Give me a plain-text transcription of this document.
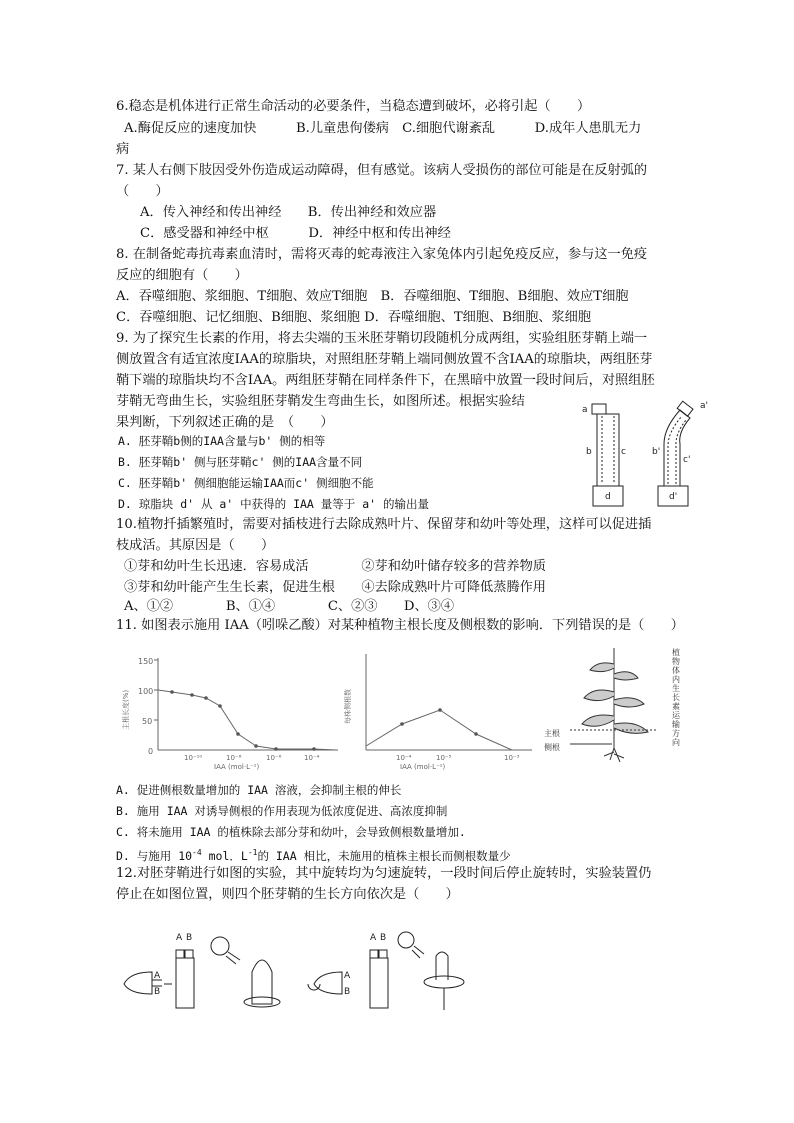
6.稳态是机体进行正常生命活动的必要条件，当稳态遭到破坏，必将引起（　　）
A.酶促反应的速度加快　　　B.儿童患佝偻病　C.细胞代谢紊乱　　　D.成年人患肌无力
病
7. 某人右侧下肢因受外伤造成运动障碍，但有感觉。该病人受损伤的部位可能是在反射弧的
（　　）
A．传入神经和传出神经　　B．传出神经和效应器
C．感受器和神经中枢　　　D．神经中枢和传出神经
8. 在制备蛇毒抗毒素血清时，需将灭毒的蛇毒液注入家兔体内引起免疫反应，参与这一免疫
反应的细胞有（　　）
A．吞噬细胞、浆细胞、T细胞、效应T细胞　B．吞噬细胞、T细胞、B细胞、效应T细胞
C．吞噬细胞、记忆细胞、B细胞、浆细胞 D．吞噬细胞、T细胞、B细胞、浆细胞
9. 为了探究生长素的作用，将去尖端的玉米胚芽鞘切段随机分成两组，实验组胚芽鞘上端一
侧放置含有适宜浓度IAA的琼脂块，对照组胚芽鞘上端同侧放置不含IAA的琼脂块，两组胚芽
鞘下端的琼脂块均不含IAA。两组胚芽鞘在同样条件下，在黑暗中放置一段时间后，对照组胚
芽鞘无弯曲生长，实验组胚芽鞘发生弯曲生长，如图所述。根据实验结
果判断，下列叙述正确的是　（　　）
A. 胚芽鞘b侧的IAA含量与b' 侧的相等
B. 胚芽鞘b' 侧与胚芽鞘c' 侧的IAA含量不同
C. 胚芽鞘b' 侧细胞能运输IAA而c' 侧细胞不能
D. 琼脂块 d' 从 a' 中获得的 IAA 量等于 a' 的输出量
a
b	c
d
a'
b'
c'
d'
10.植物扦插繁殖时，需要对插枝进行去除成熟叶片、保留芽和幼叶等处理，这样可以促进插
枝成活。其原因是（　　）
①芽和幼叶生长迅速．容易成活　　　　②芽和幼叶储存较多的营养物质
③芽和幼叶能产生生长素，促进生根　　④去除成熟叶片可降低蒸腾作用
A、①②　　　　B、①④　　　　C、②③　　D、③④
11. 如图表示施用 IAA（吲哚乙酸）对某种植物主根长度及侧根数的影响．下列错误的是（　　）
150
100
50
0
10⁻¹⁰	10⁻⁸	10⁻⁶	10⁻⁴
IAA (mol·L⁻¹)
主根长度(%)
10⁻⁴	10⁻⁵	10⁻³
IAA (mol·L⁻¹)
每株侧根数
主根
侧根
植物体内生长素运输方向
A. 促进侧根数量增加的 IAA 溶液，会抑制主根的伸长
B. 施用 IAA 对诱导侧根的作用表现为低浓度促进、高浓度抑制
C. 将未施用 IAA 的植株除去部分芽和幼叶，会导致侧根数量增加.
D. 与施用 $10^{-4}$ mol．$L^{-1}$的 IAA 相比，未施用的植株主根长而侧根数量少
12.对胚芽鞘进行如图的实验，其中旋转均为匀速旋转，一段时间后停止旋转时，实验装置仍
停止在如图位置，则四个胚芽鞘的生长方向依次是（　　）
A
B
A B
A
B
A B
